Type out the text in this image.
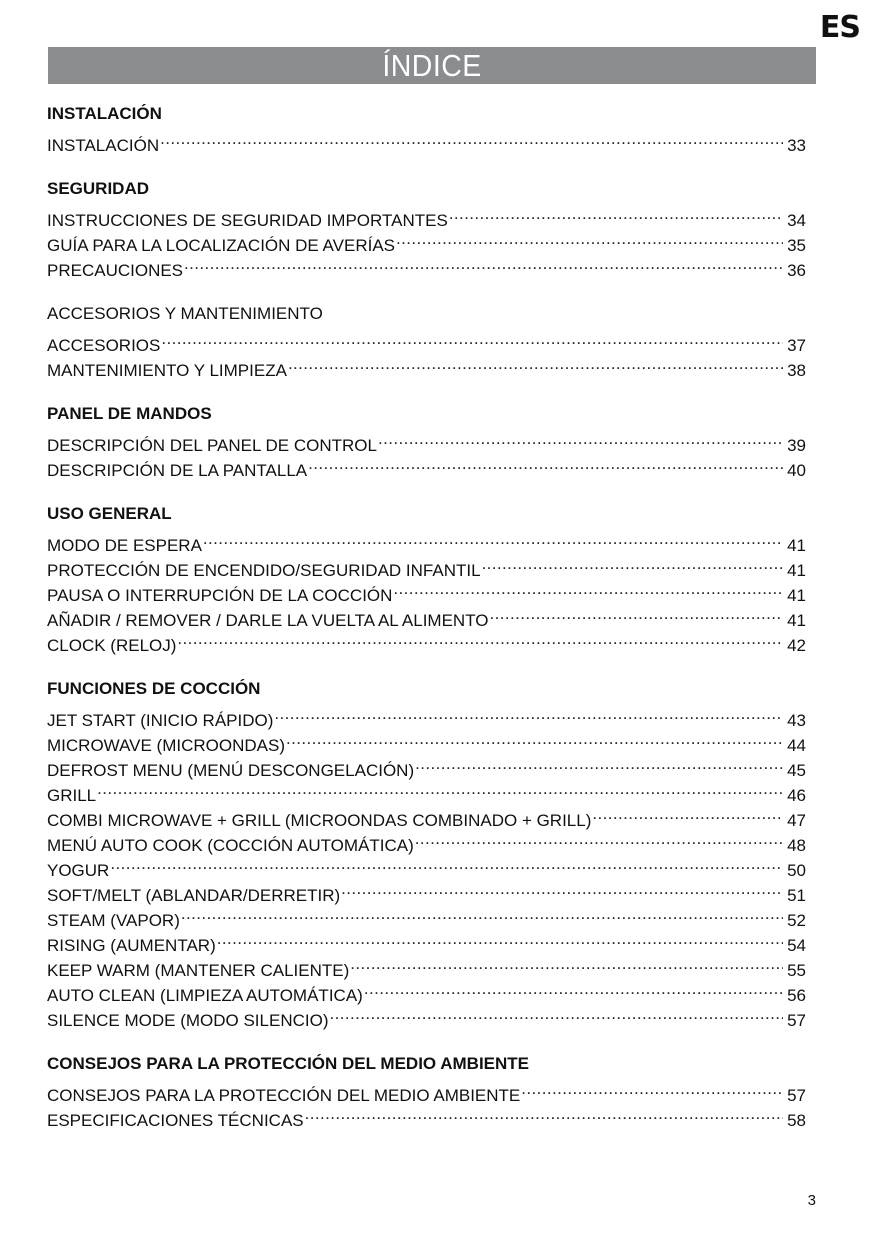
ES
ÍNDICE
INSTALACIÓN
INSTALACIÓN .....	33
SEGURIDAD
INSTRUCCIONES DE SEGURIDAD IMPORTANTES .....	34
GUÍA PARA LA LOCALIZACIÓN DE AVERÍAS .....	35
PRECAUCIONES .....	36
ACCESORIOS Y MANTENIMIENTO
ACCESORIOS .....	37
MANTENIMIENTO Y LIMPIEZA .....	38
PANEL DE MANDOS
DESCRIPCIÓN DEL PANEL DE CONTROL .....	39
DESCRIPCIÓN DE LA PANTALLA .....	40
USO GENERAL
MODO DE ESPERA .....	41
PROTECCIÓN DE ENCENDIDO/SEGURIDAD INFANTIL .....	41
PAUSA O INTERRUPCIÓN DE LA COCCIÓN .....	41
AÑADIR / REMOVER / DARLE LA VUELTA AL ALIMENTO .....	41
CLOCK (RELOJ) .....	42
FUNCIONES DE COCCIÓN
JET START (INICIO RÁPIDO) .....	43
MICROWAVE (MICROONDAS) .....	44
DEFROST MENU (MENÚ DESCONGELACIÓN) .....	45
GRILL .....	46
COMBI MICROWAVE + GRILL (MICROONDAS COMBINADO + GRILL) .....	47
MENÚ AUTO COOK (COCCIÓN AUTOMÁTICA) .....	48
YOGUR .....	50
SOFT/MELT (ABLANDAR/DERRETIR) .....	51
STEAM (VAPOR) .....	52
RISING (AUMENTAR) .....	54
KEEP WARM (MANTENER CALIENTE) .....	55
AUTO CLEAN (LIMPIEZA AUTOMÁTICA) .....	56
SILENCE MODE (MODO SILENCIO) .....	57
CONSEJOS PARA LA PROTECCIÓN DEL MEDIO AMBIENTE
CONSEJOS PARA LA PROTECCIÓN DEL MEDIO AMBIENTE .....	57
ESPECIFICACIONES TÉCNICAS .....	58
3
